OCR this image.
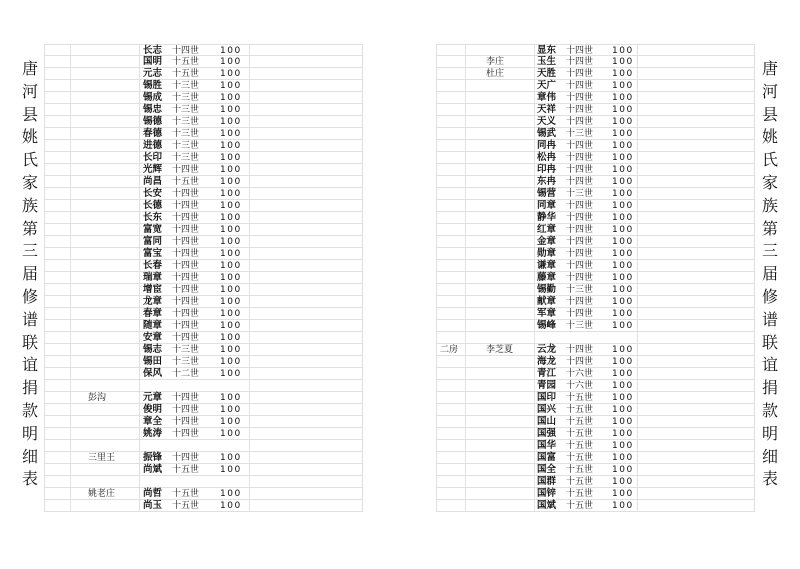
唐
河
县
姚
氏
家
族
第
三
届
修
谱
联
谊
捐
款
明
细
表
唐
河
县
姚
氏
家
族
第
三
届
修
谱
联
谊
捐
款
明
细
表
长志 十四世 100
国明 十五世 100
元志 十五世 100
锡胜 十三世 100
锡成 十三世 100
锡忠 十三世 100
锡德 十三世 100
春德 十三世 100
进德 十三世 100
长印 十三世 100
光辉 十四世 100
尚昌 十五世 100
长安 十四世 100
长德 十四世 100
长东 十四世 100
富宽 十四世 100
富同 十四世 100
富宝 十四世 100
长春 十四世 100
瑞章 十四世 100
增宦 十四世 100
龙章 十四世 100
春章 十四世 100
随章 十四世 100
安章 十四世 100
锡志 十三世 100
锡田 十三世 100
保风 十二世 100
彭沟	元章 十四世 100
俊明 十四世 100
章全 十四世 100
姚涛 十四世 100
三里王	振锋 十四世 100
尚斌 十五世 100
姚老庄	尚哲 十五世 100
尚玉 十五世 100
显东 十四世 100
李庄	玉生 十四世 100
杜庄	天胜 十四世 100
天广 十四世 100
章伟 十四世 100
天祥 十四世 100
天义 十四世 100
锡武 十三世 100
同冉 十四世 100
松冉 十四世 100
印冉 十四世 100
东冉 十四世 100
锡营 十三世 100
同章 十四世 100
静华 十四世 100
红章 十四世 100
金章 十四世 100
勋章 十四世 100
谦章 十四世 100
藤章 十四世 100
锡勤 十三世 100
献章 十四世 100
军章 十四世 100
锡峰 十三世 100
二房	李芝夏	云龙 十四世 100
海龙 十四世 100
青江 十六世 100
青园 十六世 100
国印 十五世 100
国兴 十五世 100
国山 十五世 100
国强 十五世 100
国华 十五世 100
国富 十五世 100
国全 十五世 100
国群 十五世 100
国锌 十五世 100
国斌 十五世 100
